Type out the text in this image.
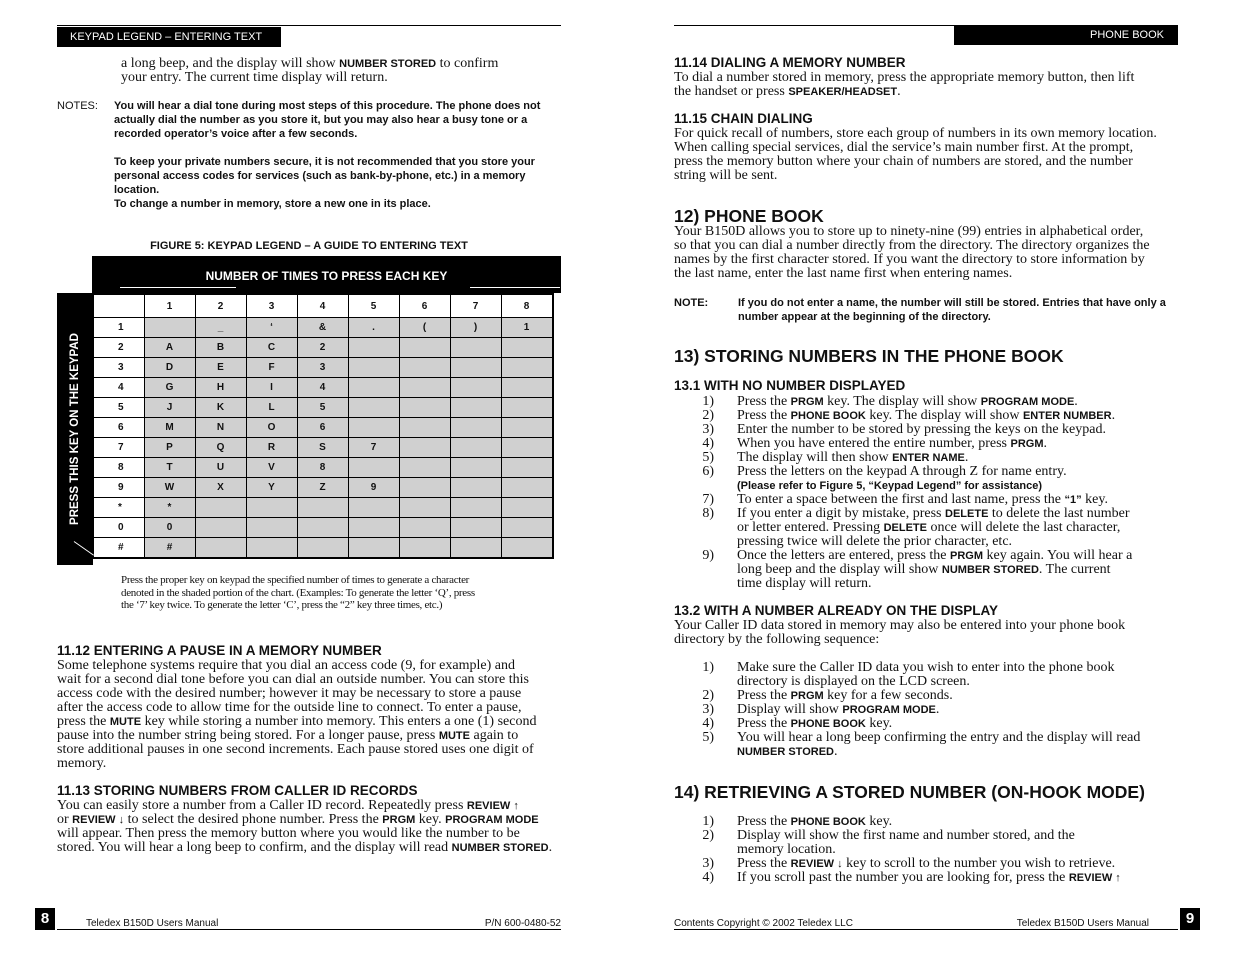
KEYPAD LEGEND – ENTERING TEXT
a long beep, and the display will show NUMBER STORED to confirm
your entry. The current time display will return.
NOTES: You will hear a dial tone during most steps of this procedure. The phone does not actually dial the number as you store it, but you may also hear a busy tone or a recorded operator’s voice after a few seconds.
To keep your private numbers secure, it is not recommended that you store your personal access codes for services (such as bank-by-phone, etc.) in a memory location.
To change a number in memory, store a new one in its place.
FIGURE 5: KEYPAD LEGEND – A GUIDE TO ENTERING TEXT
NUMBER OF TIMES TO PRESS EACH KEY
PRESS THIS KEY ON THE KEYPAD
	1	2	3	4	5	6	7	8
1		_	‘	&	.	(	)	1
2	A	B	C	2				
3	D	E	F	3				
4	G	H	I	4				
5	J	K	L	5				
6	M	N	O	6				
7	P	Q	R	S	7			
8	T	U	V	8				
9	W	X	Y	Z	9			
*	*							
0	0							
#	#							
Press the proper key on keypad the specified number of times to generate a character
denoted in the shaded portion of the chart. (Examples: To generate the letter ‘Q’, press
the ‘7’ key twice. To generate the letter ‘C’, press the “2” key three times, etc.)
11.12 ENTERING A PAUSE IN A MEMORY NUMBER
Some telephone systems require that you dial an access code (9, for example) and
wait for a second dial tone before you can dial an outside number. You can store this
access code with the desired number; however it may be necessary to store a pause
after the access code to allow time for the outside line to connect. To enter a pause,
press the MUTE key while storing a number into memory. This enters a one (1) second
pause into the number string being stored. For a longer pause, press MUTE again to
store additional pauses in one second increments. Each pause stored uses one digit of
memory.
11.13 STORING NUMBERS FROM CALLER ID RECORDS
You can easily store a number from a Caller ID record. Repeatedly press REVIEW ↑
or REVIEW ↓ to select the desired phone number. Press the PRGM key. PROGRAM MODE
will appear. Then press the memory button where you would like the number to be
stored. You will hear a long beep to confirm, and the display will read NUMBER STORED.
8	Teledex B150D Users Manual	P/N 600-0480-52
PHONE BOOK
11.14 DIALING A MEMORY NUMBER
To dial a number stored in memory, press the appropriate memory button, then lift
the handset or press SPEAKER/HEADSET.
11.15 CHAIN DIALING
For quick recall of numbers, store each group of numbers in its own memory location.
When calling special services, dial the service’s main number first. At the prompt,
press the memory button where your chain of numbers are stored, and the number
string will be sent.
12) PHONE BOOK
Your B150D allows you to store up to ninety-nine (99) entries in alphabetical order,
so that you can dial a number directly from the directory. The directory organizes the
names by the first character stored. If you want the directory to store information by
the last name, enter the last name first when entering names.
NOTE:	If you do not enter a name, the number will still be stored. Entries that have only a number appear at the beginning of the directory.
13) STORING NUMBERS IN THE PHONE BOOK
13.1 WITH NO NUMBER DISPLAYED
1)	Press the PRGM key. The display will show PROGRAM MODE.
2)	Press the PHONE BOOK key. The display will show ENTER NUMBER.
3)	Enter the number to be stored by pressing the keys on the keypad.
4)	When you have entered the entire number, press PRGM.
5)	The display will then show ENTER NAME.
6)	Press the letters on the keypad A through Z for name entry.
(Please refer to Figure 5, “Keypad Legend” for assistance)
7)	To enter a space between the first and last name, press the “1” key.
8)	If you enter a digit by mistake, press DELETE to delete the last number
or letter entered. Pressing DELETE once will delete the last character,
pressing twice will delete the prior character, etc.
9)	Once the letters are entered, press the PRGM key again. You will hear a
long beep and the display will show NUMBER STORED. The current
time display will return.
13.2 WITH A NUMBER ALREADY ON THE DISPLAY
Your Caller ID data stored in memory may also be entered into your phone book
directory by the following sequence:
1)	Make sure the Caller ID data you wish to enter into the phone book
directory is displayed on the LCD screen.
2)	Press the PRGM key for a few seconds.
3)	Display will show PROGRAM MODE.
4)	Press the PHONE BOOK key.
5)	You will hear a long beep confirming the entry and the display will read
NUMBER STORED.
14) RETRIEVING A STORED NUMBER (ON-HOOK MODE)
1)	Press the PHONE BOOK key.
2)	Display will show the first name and number stored, and the
memory location.
3)	Press the REVIEW ↓ key to scroll to the number you wish to retrieve.
4)	If you scroll past the number you are looking for, press the REVIEW ↑
Contents Copyright © 2002 Teledex LLC	Teledex B150D Users Manual	9
